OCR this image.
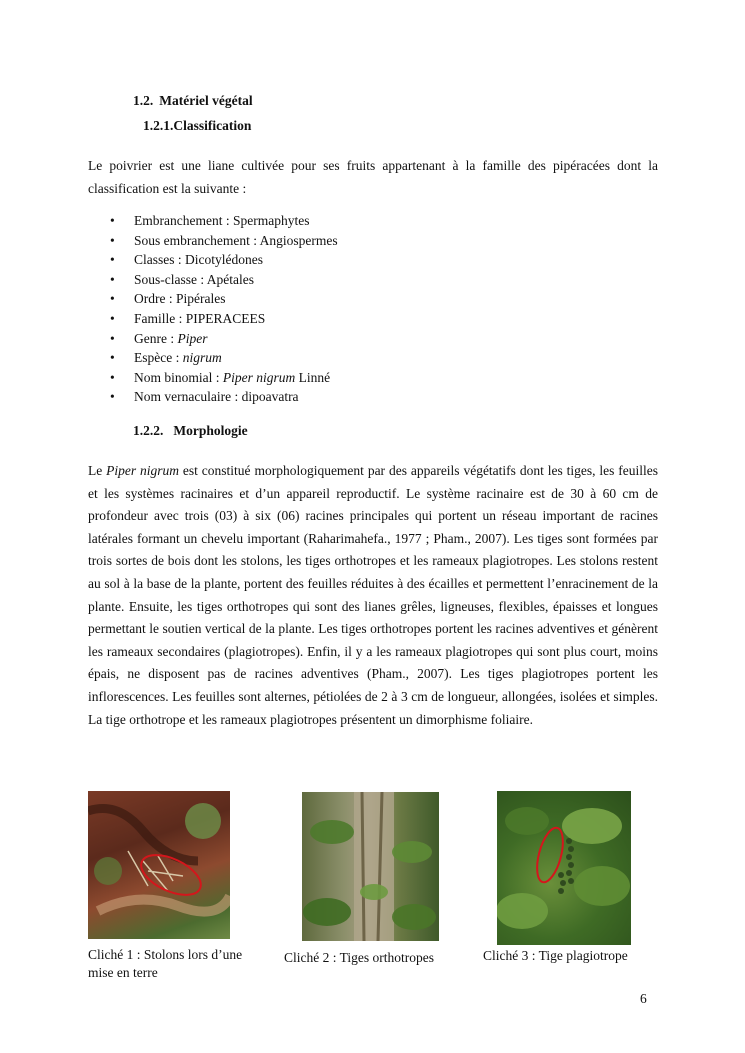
1.2. Matériel végétal
1.2.1.Classification
Le poivrier est une liane cultivée pour ses fruits appartenant à la famille des pipéracées dont la classification est la suivante :
• Embranchement : Spermaphytes
• Sous embranchement : Angiospermes
• Classes : Dicotylédones
• Sous-classe : Apétales
• Ordre : Pipérales
• Famille : PIPERACEES
• Genre : Piper
• Espèce : nigrum
• Nom binomial : Piper nigrum Linné
• Nom vernaculaire : dipoavatra
1.2.2. Morphologie
Le Piper nigrum est constitué morphologiquement par des appareils végétatifs dont les tiges, les feuilles et les systèmes racinaires et d’un appareil reproductif. Le système racinaire est de 30 à 60 cm de profondeur avec trois (03) à six (06) racines principales qui portent un réseau important de racines latérales formant un chevelu important (Raharimahefa., 1977 ; Pham., 2007). Les tiges sont formées par trois sortes de bois dont les stolons, les tiges orthotropes et les rameaux plagiotropes. Les stolons restent au sol à la base de la plante, portent des feuilles réduites à des écailles et permettent l’enracinement de la plante. Ensuite, les tiges orthotropes qui sont des lianes grêles, ligneuses, flexibles, épaisses et longues permettant le soutien vertical de la plante. Les tiges orthotropes portent les racines adventives et génèrent les rameaux secondaires (plagiotropes). Enfin, il y a les rameaux plagiotropes qui sont plus court, moins épais, ne disposent pas de racines adventives (Pham., 2007). Les tiges plagiotropes portent les inflorescences. Les feuilles sont alternes, pétiolées de 2 à 3 cm de longueur, allongées, isolées et simples. La tige orthotrope et les rameaux plagiotropes présentent un dimorphisme foliaire.
Cliché 1 : Stolons lors d’une mise en terre
Cliché 2 : Tiges orthotropes	Cliché 3 : Tige plagiotrope
6
